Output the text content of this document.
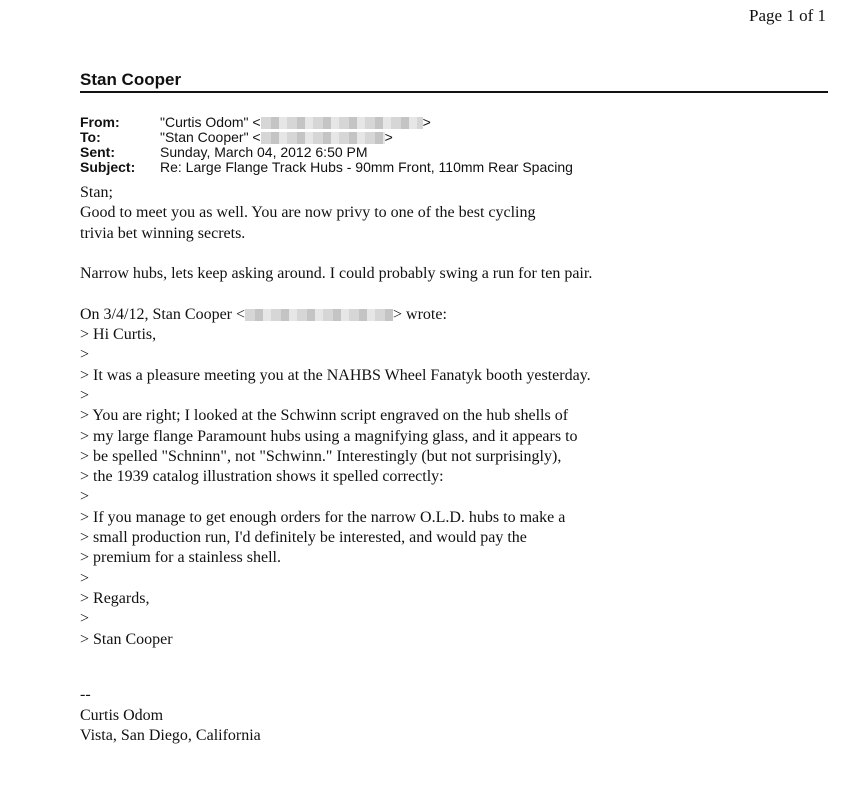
Page 1 of 1
Stan Cooper
From:	"Curtis Odom" <	>
To:	"Stan Cooper" <	>
Sent:	Sunday, March 04, 2012 6:50 PM
Subject:	Re: Large Flange Track Hubs - 90mm Front, 110mm Rear Spacing
Stan;
Good to meet you as well. You are now privy to one of the best cycling
trivia bet winning secrets.
Narrow hubs, lets keep asking around. I could probably swing a run for ten pair.
On 3/4/12, Stan Cooper <	> wrote:
> Hi Curtis,
>
> It was a pleasure meeting you at the NAHBS Wheel Fanatyk booth yesterday.
>
> You are right; I looked at the Schwinn script engraved on the hub shells of
> my large flange Paramount hubs using a magnifying glass, and it appears to
> be spelled "Schninn", not "Schwinn." Interestingly (but not surprisingly),
> the 1939 catalog illustration shows it spelled correctly:
>
> If you manage to get enough orders for the narrow O.L.D. hubs to make a
> small production run, I'd definitely be interested, and would pay the
> premium for a stainless shell.
>
> Regards,
>
> Stan Cooper
--
Curtis Odom
Vista, San Diego, California
